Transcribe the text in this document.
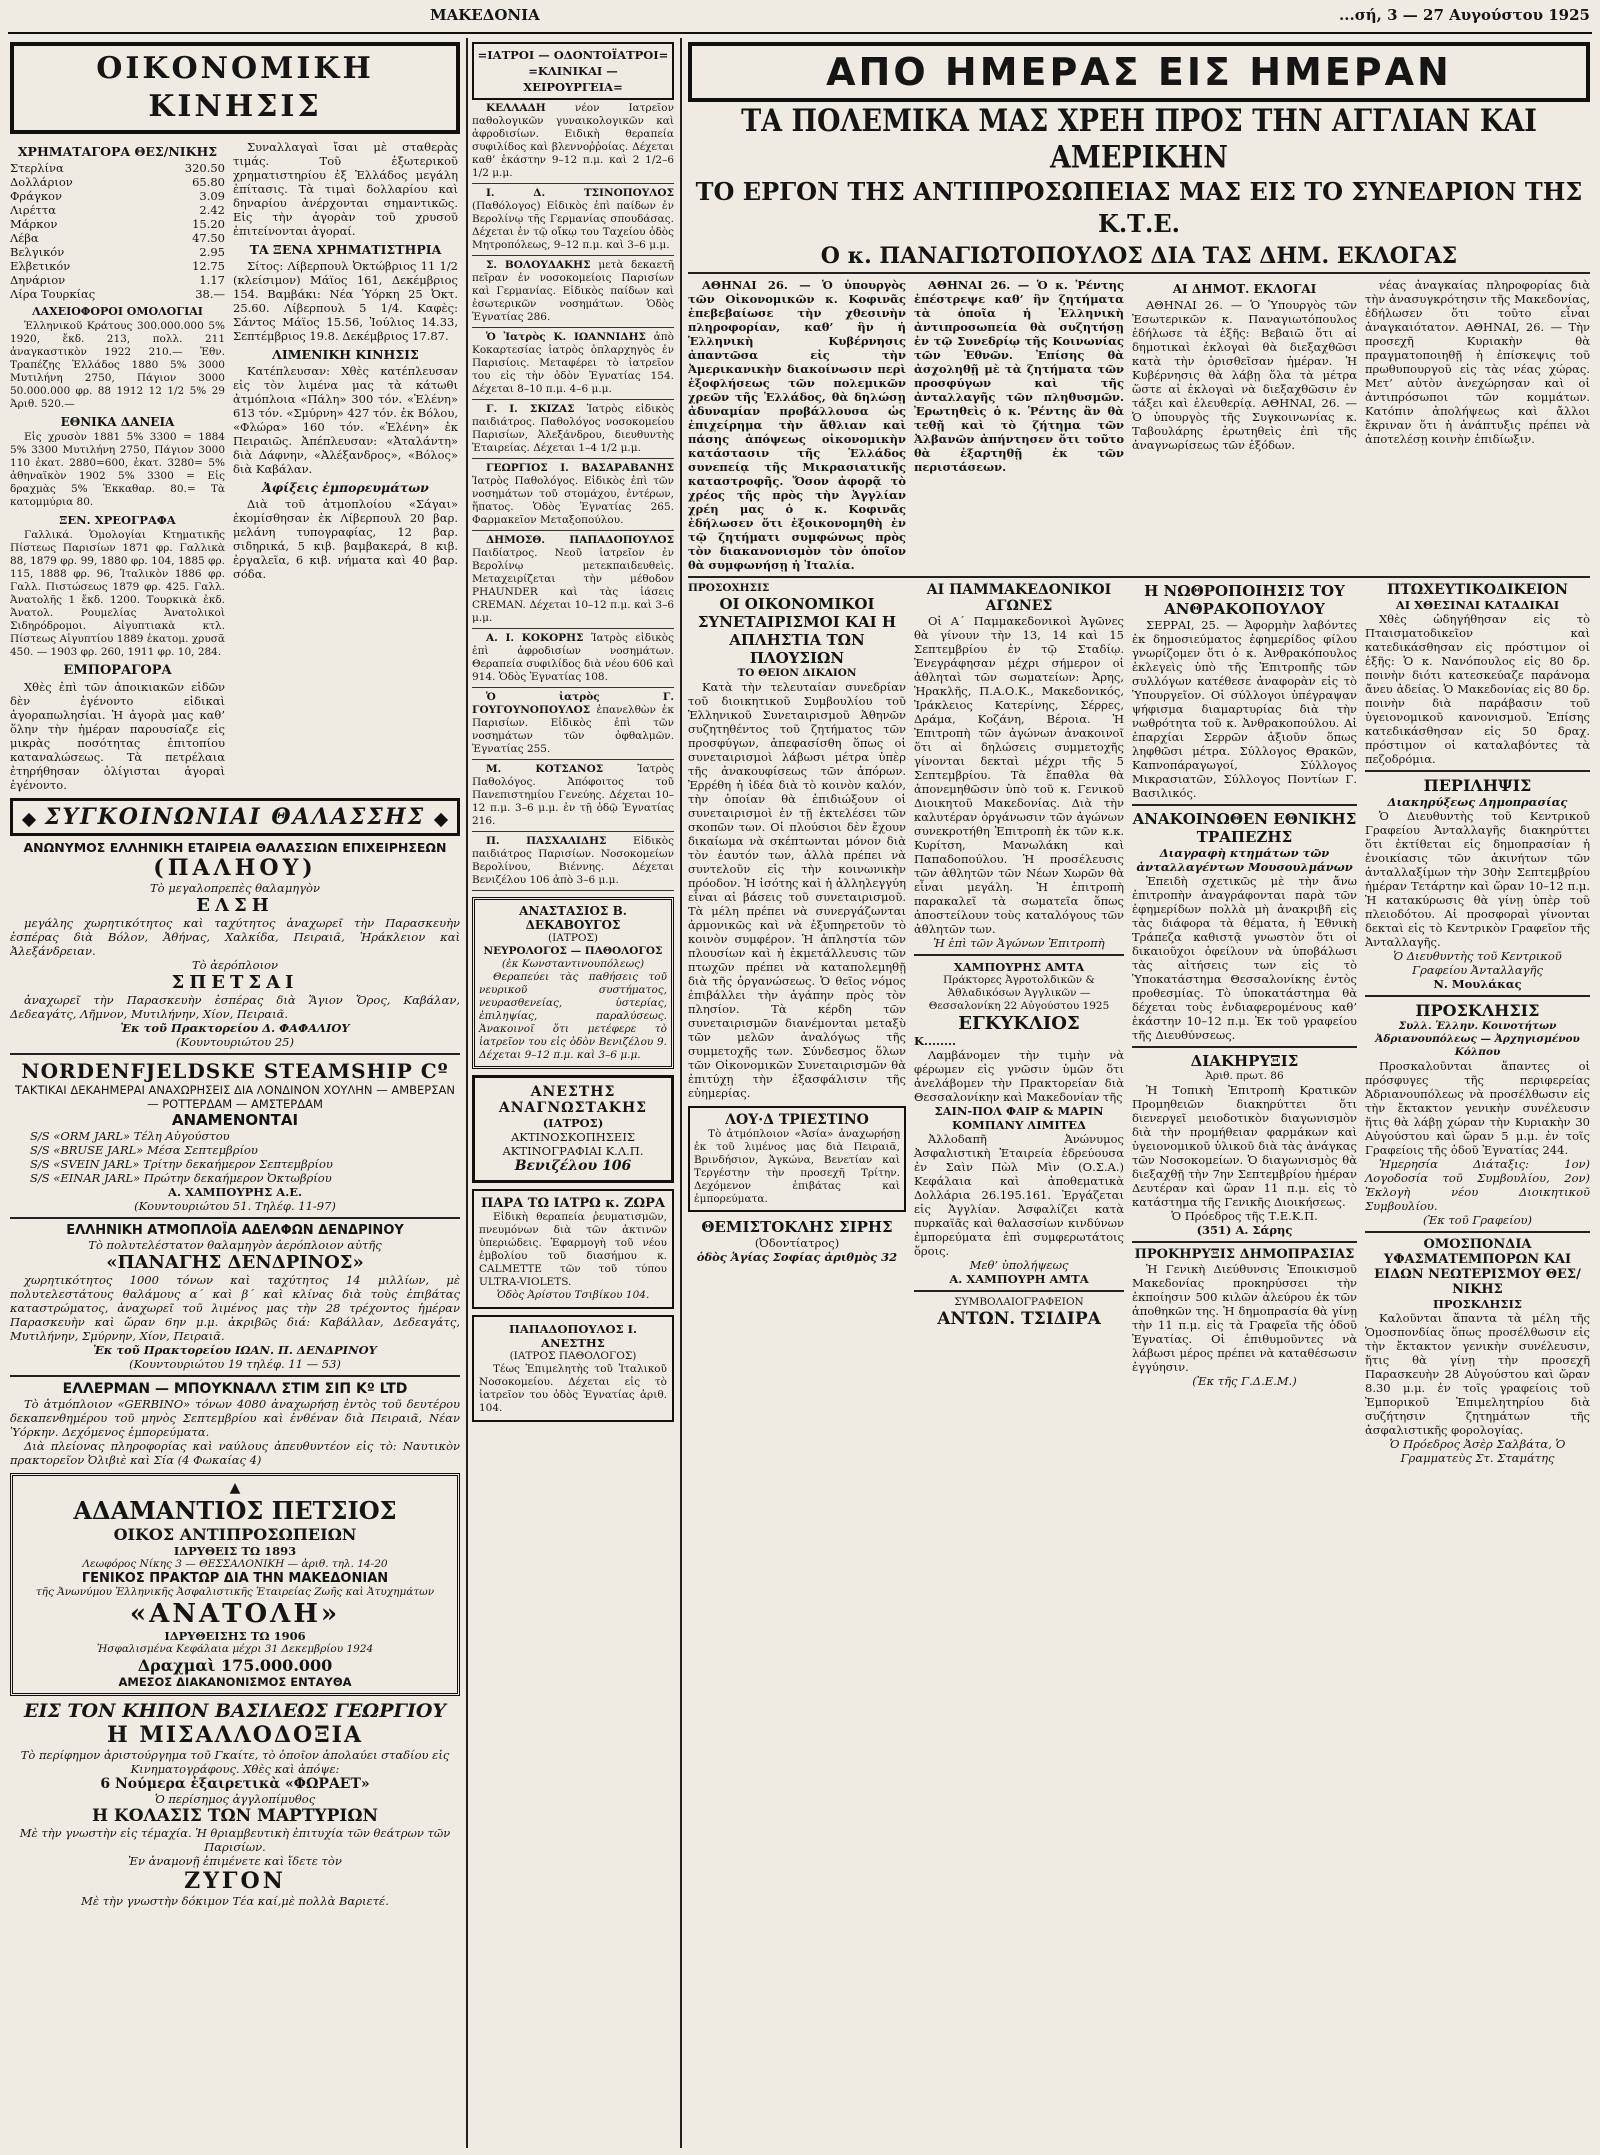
ΜΑΚΕΔΟΝΙΑ	...σή, 3 — 27 Αυγούστου 1925
ΟΙΚΟΝΟΜΙΚΗ ΚΙΝΗΣΙΣ
ΧΡΗΜΑΤΑΓΟΡΑ ΘΕΣ/ΝΙΚΗΣ
Στερλίνα	320.50
Δολλάριον	65.80
Φράγκον	3.09
Λιρέττα	2.42
Μάρκον	15.20
Λέβα	47.50
Βελγικόν	2.95
Ελβετικόν	12.75
Δηνάριον	1.17
Λίρα Τουρκίας	38.—
ΛΑΧΕΙΟΦΟΡΟΙ ΟΜΟΛΟΓΙΑΙ
Ἐλληνικοῦ Κράτους 300.000.000 5% 1920, ἔκδ. 213, πολλ. 211 ἀναγκαστικὸν 1922 210.— Ἐθν. Τραπέζης Ἑλλάδος 1880 5% 3000 Μυτιλήνη 2750, Πάγιον 3000 50.000.000 φρ. 88 1912 12 1/2 5% 29 Ἀριθ. 520.—
ΕΘΝΙΚΑ ΔΑΝΕΙΑ
Εἰς χρυσὸν 1881 5% 3300 = 1884 5% 3300 Μυτιλήνη 2750, Πάγιον 3000 110 ἐκατ. 2880=600, ἐκατ. 3280= 5% ἀθηναϊκὸν 1902 5% 3300 = Εἰς δραχμὰς 5% Ἐκκαθαρ. 80.= Τὰ κατομμύρια 80.
ΞΕΝ. ΧΡΕΟΓΡΑΦΑ
Γαλλικά. Ὁμολογίαι Κτηματικῆς Πίστεως Παρισίων 1871 φρ. Γαλλικὰ 88, 1879 φρ. 99, 1880 φρ. 104, 1885 φρ. 115, 1888 φρ. 96, Ἰταλικὸν 1886 φρ. Γαλλ. Πιστώσεως 1879 φρ. 425. Γαλλ. Ἀνατολῆς 1 ἔκδ. 1200. Τουρκικὰ ἐκδ. Ἀνατολ. Ρουμελίας Ἀνατολικοὶ Σιδηρόδρομοι. Αἰγυπτιακὰ κτλ. Πίστεως Αἰγυπτίου 1889 ἐκατομ. χρυσᾶ 450. — 1903 φρ. 260, 1911 φρ. 10, 284.
ΕΜΠΟΡΑΓΟΡΑ
Χθὲς ἐπὶ τῶν ἀποικιακῶν εἰδῶν δὲν ἐγένοντο εἰδικαὶ ἀγοραπωλησίαι. Ἡ ἀγορὰ μας καθ’ ὅλην τὴν ἡμέραν παρουσίαζε εἰς μικρὰς ποσότητας ἐπιτοπίου καταναλώσεως. Τὰ πετρέλαια ἐτηρήθησαν ὀλίγισται ἀγοραὶ ἐγένοντο.
Συναλλαγαὶ ἴσαι μὲ σταθερὰς τιμάς. Τοῦ ἐξωτερικοῦ χρηματιστηρίου ἐξ Ἑλλάδος μεγάλη ἐπίτασις. Τὰ τιμαὶ δολλαρίου καὶ δηναρίου ἀνέρχονται σημαντικῶς. Εἰς τὴν ἀγορὰν τοῦ χρυσοῦ ἐπιτείνονται ἀγοραί.
ΤΑ ΞΕΝΑ ΧΡΗΜΑΤΙΣΤΗΡΙΑ
Σίτος: Λίβερπουλ Ὀκτώβριος 11 1/2 (κλείσιμον) Μάϊος 161, Δεκέμβριος 154. Βαμβάκι: Νέα Ὑόρκη 25 Ὀκτ. 25.60. Λίβερπουλ 5 1/4. Καφὲς: Σάντος Μάϊος 15.56, Ἰούλιος 14.33, Σεπτέμβριος 19.8. Δεκέμβριος 17.87.
ΛΙΜΕΝΙΚΗ ΚΙΝΗΣΙΣ
Κατέπλευσαν: Χθὲς κατέπλευσαν εἰς τὸν λιμένα μας τὰ κάτωθι ἀτμόπλοια «Πάλη» 300 τόν. «Ἐλένη» 613 τόν. «Σμύρνη» 427 τόν. ἐκ Βόλου, «Φλώρα» 160 τόν. «Ἑλένη» ἐκ Πειραιῶς. Ἀπέπλευσαν: «Ἀταλάντη» διὰ Δάφνην, «Ἀλέξανδρος», «Βόλος» διὰ Καβάλαν.
Ἀφίξεις ἐμπορευμάτων
Διὰ τοῦ ἀτμοπλοίου «Σάγαι» ἐκομίσθησαν ἐκ Λίβερπουλ 20 βαρ. μελάνη τυπογραφίας, 12 βαρ. σιδηρικά, 5 κιβ. βαμβακερά, 8 κιβ. ἐργαλεῖα, 6 κιβ. νήματα καὶ 40 βαρ. σόδα.
ΣΥΓΚΟΙΝΩΝΙΑΙ ΘΑΛΑΣΣΗΣ
ΑΝΩΝΥΜΟΣ ΕΛΛΗΝΙΚΗ ΕΤΑΙΡΕΙΑ ΘΑΛΑΣΣΙΩΝ ΕΠΙΧΕΙΡΗΣΕΩΝ
(ΠΑΛΗΟΥ)
Τὸ μεγαλοπρεπὲς θαλαμηγὸν
ΕΛΣΗ
μεγάλης χωρητικότητος καὶ ταχύτητος ἀναχωρεῖ τὴν Παρασκευὴν ἑσπέρας διὰ Βόλον, Ἀθήνας, Χαλκίδα, Πειραιᾶ, Ἡράκλειον καὶ Ἀλεξάνδρειαν.
Τὸ ἀερόπλοιον
ΣΠΕΤΣΑΙ
ἀναχωρεῖ τὴν Παρασκευὴν ἑσπέρας διὰ Ἅγιον Ὄρος, Καβάλαν, Δεδεαγάτς, Λῆμνον, Μυτιλήνην, Χίον, Πειραιᾶ.
Ἐκ τοῦ Πρακτορείου Δ. ΦΑΦΑΛΙΟΥ
(Κουντουριώτου 25)
NORDENFJELDSKE STEAMSHIP Cº
ΤΑΚΤΙΚΑΙ ΔΕΚΑΗΜΕΡΑΙ ΑΝΑΧΩΡΗΣΕΙΣ ΔΙΑ ΛΟΝΔΙΝΟΝ ΧΟΥΛΗΝ — ΑΜΒΕΡΣΑΝ — ΡΟΤΤΕΡΔΑΜ — ΑΜΣΤΕΡΔΑΜ
ΑΝΑΜΕΝΟΝΤΑΙ
S/S «ORM JARL» Τέλη Αὐγούστου
S/S «BRUSE JARL» Μέσα Σεπτεμβρίου
S/S «SVEIN JARL» Τρίτην δεκαήμερον Σεπτεμβρίου
S/S «EINAR JARL» Πρώτην δεκαήμερον Ὀκτωβρίου
Α. ΧΑΜΠΟΥΡΗΣ Α.Ε.
(Κουντουριώτου 51. Τηλέφ. 11-97)
ΕΛΛΗΝΙΚΗ ΑΤΜΟΠΛΟΪΑ ΑΔΕΛΦΩΝ ΔΕΝΔΡΙΝΟΥ
Τὸ πολυτελέστατον θαλαμηγὸν ἀερόπλοιον αὐτῆς
«ΠΑΝΑΓΗΣ ΔΕΝΔΡΙΝΟΣ»
χωρητικότητος 1000 τόνων καὶ ταχύτητος 14 μιλλίων, μὲ πολυτελεστάτους θαλάμους α΄ καὶ β΄ καὶ κλίνας διὰ τοὺς ἐπιβάτας καταστρώματος, ἀναχωρεῖ τοῦ λιμένος μας τὴν 28 τρέχοντος ἡμέραν Παρασκευὴν καὶ ὥραν 6ην μ.μ. ἀκριβῶς διά: Καβάλλαν, Δεδεαγάτς, Μυτιλήνην, Σμύρνην, Χίον, Πειραιᾶ.
Ἐκ τοῦ Πρακτορείου ΙΩΑΝ. Π. ΔΕΝΔΡΙΝΟΥ
(Κουντουριώτου 19 τηλέφ. 11 — 53)
ΕΛΛΕΡΜΑΝ — ΜΠΟΥΚΝΑΛΛ ΣΤΙΜ ΣΙΠ Κº LTD
Τὸ ἀτμόπλοιον «GERBINO» τόνων 4080 ἀναχωρήσῃ ἐντὸς τοῦ δευτέρου δεκαπενθημέρου τοῦ μηνὸς Σεπτεμβρίου καὶ ἐνθέναν διὰ Πειραιᾶ, Νέαν Ὑόρκην. Δεχόμενος ἐμπορεύματα.
Διὰ πλείονας πληροφορίας καὶ ναύλους ἀπευθυντέον εἰς τὸ: Ναυτικὸν πρακτορεῖον Ὀλιβιὲ καὶ Σία (4 Φωκαίας 4)
▲
ΑΔΑΜΑΝΤΙΟΣ ΠΕΤΣΙΟΣ
ΟΙΚΟΣ ΑΝΤΙΠΡΟΣΩΠΕΙΩΝ
ΙΔΡΥΘΕΙΣ ΤΩ 1893
Λεωφόρος Νίκης 3 — ΘΕΣΣΑΛΟΝΙΚΗ — ἀριθ. τηλ. 14-20
ΓΕΝΙΚΟΣ ΠΡΑΚΤΩΡ ΔΙΑ ΤΗΝ ΜΑΚΕΔΟΝΙΑΝ
τῆς Ἀνωνύμου Ἑλληνικῆς Ἀσφαλιστικῆς Ἑταιρείας Ζωῆς καὶ Ἀτυχημάτων
«ΑΝΑΤΟΛΗ»
ΙΔΡΥΘΕΙΣΗΣ ΤΩ 1906
Ἠσφαλισμένα Κεφάλαια μέχρι 31 Δεκεμβρίου 1924
Δραχμαὶ 175.000.000
ΑΜΕΣΟΣ ΔΙΑΚΑΝΟΝΙΣΜΟΣ ΕΝΤΑΥΘΑ
ΕΙΣ ΤΟΝ ΚΗΠΟΝ ΒΑΣΙΛΕΩΣ ΓΕΩΡΓΙΟΥ
Η ΜΙΣΑΛΛΟΔΟΞΙΑ
Τὸ περίφημον ἀριστούργημα τοῦ Γκαίτε, τὸ ὁποῖον ἀπολαύει σταδίου εἰς Κινηματογράφους. Χθὲς καὶ ἀπόψε:
6 Νούμερα ἐξαιρετικὰ «ΦΩΡΑΕΤ»
Ὁ περίσημος ἀγγλοπίμυθος
Η ΚΟΛΑΣΙΣ ΤΩΝ ΜΑΡΤΥΡΙΩΝ
Μὲ τὴν γνωστὴν εἰς τέμαχία. Ἡ θριαμβευτικὴ ἐπιτυχία τῶν θεάτρων τῶν Παρισίων.
Ἐν ἀναμονῇ ἐπιμένετε καὶ ἴδετε τὸν
ΖΥΓΟΝ
Μὲ τὴν γνωστὴν δόκιμον Τέα καί,μὲ πολλὰ Βαριετέ.
=ΙΑΤΡΟΙ — ΟΔΟΝΤΟΪΑΤΡΟΙ= =ΚΛΙΝΙΚΑΙ — ΧΕΙΡΟΥΡΓΕΙΑ=
ΚΕΛΛΑΔΗ νέον Ιατρεῖον παθολογικῶν γυναικολογικῶν καὶ ἀφροδισίων. Ειδικὴ θεραπεία συφιλίδος καὶ βλεννοῤῥοίας. Δέχεται καθ’ ἑκάστην 9–12 π.μ. καὶ 2 1/2–6 1/2 μ.μ.
Ι. Δ. ΤΣΙΝΟΠΟΥΛΟΣ (Παθόλογος) Εἰδικὸς ἐπὶ παίδων ἐν Βερολίνῳ τῆς Γερμανίας σπουδάσας. Δέχεται ἐν τῷ οἴκῳ του Ταχείου ὁδὸς Μητροπόλεως, 9–12 π.μ. καὶ 3–6 μ.μ.
Σ. ΒΟΛΟΥΔΑΚΗΣ μετὰ δεκαετῆ πεῖραν ἐν νοσοκομείοις Παρισίων καὶ Γερμανίας. Εἰδικὸς παίδων καὶ ἐσωτερικῶν νοσημάτων. Ὁδὸς Ἐγνατίας 286.
Ὁ Ἰατρὸς Κ. ΙΩΑΝΝΙΔΗΣ ἀπὸ Κοκαρτεσίας ἰατρὸς ὁπλαρχηγὸς ἐν Παρισίοις. Μεταφέρει τὸ ἰατρεῖον του εἰς τὴν ὁδὸν Ἐγνατίας 154. Δέχεται 8–10 π.μ. 4–6 μ.μ.
Γ. Ι. ΣΚΙΖΑΣ Ἰατρὸς εἰδικὸς παιδιάτρος. Παθολόγος νοσοκομείου Παρισίων, Ἀλεξάνδρου, διευθυντὴς Ἑταιρείας. Δέχεται 1–4 1/2 μ.μ.
ΓΕΩΡΓΙΟΣ Ι. ΒΑΣΑΡΑΒΑΝΗΣ Ἰατρὸς Παθολόγος. Εἰδικὸς ἐπὶ τῶν νοσημάτων τοῦ στομάχου, ἐντέρων, ἥπατος. Ὁδὸς Ἐγνατίας 265. Φαρμακεῖον Μεταξοπούλου.
ΔΗΜΟΣΘ. ΠΑΠΑΔΟΠΟΥΛΟΣ Παιδίατρος. Νεοῦ ἰατρεῖον ἐν Βερολίνῳ μετεκπαιδευθεὶς. Μεταχειρίζεται τὴν μέθοδον PHAUNDER καὶ τὰς ἰάσεις CREMAN. Δέχεται 10–12 π.μ. καὶ 3–6 μ.μ.
Α. Ι. ΚΟΚΟΡΗΣ Ἰατρὸς εἰδικὸς ἐπὶ ἀφροδισίων νοσημάτων. Θεραπεία συφιλίδος διὰ νέου 606 καὶ 914. Ὁδὸς Ἐγνατίας 108.
Ὁ ἰατρὸς Γ. ΓΟΥΓΟΥΝΟΠΟΥΛΟΣ ἐπανελθὼν ἐκ Παρισίων. Εἰδικὸς ἐπὶ τῶν νοσημάτων τῶν ὀφθαλμῶν. Ἐγνατίας 255.
Μ. ΚΟΤΣΑΝΟΣ Ἰατρὸς Παθολόγος. Ἀπόφοιτος τοῦ Πανεπιστημίου Γενεύης. Δέχεται 10–12 π.μ. 3–6 μ.μ. ἐν τῇ ὁδῷ Ἐγνατίας 216.
Π. ΠΑΣΧΑΛΙΔΗΣ Εἰδικὸς παιδιάτρος Παρισίων. Νοσοκομείων Βερολίνου, Βιέννης. Δέχεται Βενιζέλου 106 ἀπὸ 3–6 μ.μ.
ΑΝΑΣΤΑΣΙΟΣ Β. ΔΕΚΑΒΟΥΓΟΣ
(ΙΑΤΡΟΣ)
ΝΕΥΡΟΛΟΓΟΣ — ΠΑΘΟΛΟΓΟΣ
(ἐκ Κωνσταντινουπόλεως)
Θεραπεύει τὰς παθήσεις τοῦ νευρικοῦ συστήματος, νευρασθενείας, ὑστερίας, ἐπιληψίας, παραλύσεως. Ἀνακοινοῖ ὅτι μετέφερε τὸ ἰατρεῖον του εἰς ὁδὸν Βενιζέλου 9. Δέχεται 9–12 π.μ. καὶ 3–6 μ.μ.
ΑΝΕΣΤΗΣ ΑΝΑΓΝΩΣΤΑΚΗΣ
(ΙΑΤΡΟΣ)
ΑΚΤΙΝΟΣΚΟΠΗΣΕΙΣ
ΑΚΤΙΝΟΓΡΑΦΙΑΙ Κ.Λ.Π.
Βενιζέλου 106
ΠΑΡΑ ΤΩ ΙΑΤΡΩ κ. ΖΩΡΑ
Εἰδικὴ θεραπεία ῥευματισμῶν, πνευμόνων διὰ τῶν ἀκτινῶν ὑπεριώδεις. Ἐφαρμογὴ τοῦ νέου ἐμβολίου τοῦ διασήμου κ. CALMETTE τῶν τοῦ τύπου ULTRA-VIOLETS.
Ὁδὸς Ἀρίστου Τσιβίκου 104.
ΠΑΠΑΔΟΠΟΥΛΟΣ Ι. ΑΝΕΣΤΗΣ
(ΙΑΤΡΟΣ ΠΑΘΟΛΟΓΟΣ)
Τέως Ἐπιμελητὴς τοῦ Ἰταλικοῦ Νοσοκομείου. Δέχεται εἰς τὸ ἰατρεῖον του ὁδὸς Ἐγνατίας ἀριθ. 104.
ΑΠΟ ΗΜΕΡΑΣ ΕΙΣ ΗΜΕΡΑΝ
ΤΑ ΠΟΛΕΜΙΚΑ ΜΑΣ ΧΡΕΗ ΠΡΟΣ ΤΗΝ ΑΓΓΛΙΑΝ ΚΑΙ ΑΜΕΡΙΚΗΝ
ΤΟ ΕΡΓΟΝ ΤΗΣ ΑΝΤΙΠΡΟΣΩΠΕΙΑΣ ΜΑΣ ΕΙΣ ΤΟ ΣΥΝΕΔΡΙΟΝ ΤΗΣ Κ.Τ.Ε.
Ο κ. ΠΑΝΑΓΙΩΤΟΠΟΥΛΟΣ ΔΙΑ ΤΑΣ ΔΗΜ. ΕΚΛΟΓΑΣ
ΑΘΗΝΑΙ 26. — Ὁ ὑπουργὸς τῶν Οἰκονομικῶν κ. Κοφινᾶς ἐπεβεβαίωσε τὴν χθεσινὴν πληροφορίαν, καθ’ ἣν ἡ Ἑλληνικὴ Κυβέρνησις ἀπαντῶσα εἰς τὴν Ἀμερικανικὴν διακοίνωσιν περὶ ἐξοφλήσεως τῶν πολεμικῶν χρεῶν τῆς Ἑλλάδος, θὰ δηλώσῃ ἀδυναμίαν προβάλλουσα ὡς ἐπιχείρημα τὴν ἄθλιαν καὶ πάσης ἀπόψεως οἰκονομικὴν κατάστασιν τῆς Ἑλλάδος συνεπείᾳ τῆς Μικρασιατικῆς καταστροφῆς. Ὅσον ἀφορᾷ τὸ χρέος τῆς πρὸς τὴν Ἀγγλίαν χρέη μας ὁ κ. Κοφινᾶς ἐδήλωσεν ὅτι ἐξοικονομηθὴ ἐν τῷ ζητήματι συμφώνως πρὸς τὸν διακανονισμὸν τὸν ὁποῖον θὰ συμφωνήσῃ ἡ Ἰταλία.
ΑΘΗΝΑΙ 26. — Ὁ κ. Ῥέντης ἐπέστρεψε καθ’ ἣν ζητήματα τὰ ὁποῖα ἡ Ἑλληνικὴ ἀντιπροσωπεία θὰ συζητήσῃ ἐν τῷ Συνεδρίῳ τῆς Κοινωνίας τῶν Ἐθνῶν. Ἐπίσης θὰ ἀσχοληθῇ μὲ τὰ ζητήματα τῶν προσφύγων καὶ τῆς ἀνταλλαγῆς τῶν πληθυσμῶν. Ἐρωτηθεὶς ὁ κ. Ῥέντης ἂν θὰ τεθῇ καὶ τὸ ζήτημα τῶν Ἀλβανῶν ἀπήντησεν ὅτι τοῦτο θὰ ἐξαρτηθῇ ἐκ τῶν περιστάσεων.
ΑΙ ΔΗΜΟΤ. ΕΚΛΟΓΑΙ
ΑΘΗΝΑΙ 26. — Ὁ Ὑπουργὸς τῶν Ἐσωτερικῶν κ. Παναγιωτόπουλος ἐδήλωσε τὰ ἑξῆς: Βεβαιῶ ὅτι αἱ δημοτικαὶ ἐκλογαὶ θὰ διεξαχθῶσι κατὰ τὴν ὁρισθεῖσαν ἡμέραν. Ἡ Κυβέρνησις θὰ λάβῃ ὅλα τὰ μέτρα ὥστε αἱ ἐκλογαὶ νὰ διεξαχθῶσιν ἐν τάξει καὶ ἐλευθερίᾳ. ΑΘΗΝΑΙ, 26. — Ὁ ὑπουργὸς τῆς Συγκοινωνίας κ. Ταβουλάρης ἐρωτηθεὶς ἐπὶ τῆς ἀναγνωρίσεως τῶν ἐξόδων.
νέας ἀναγκαίας πληροφορίας διὰ τὴν ἀνασυγκρότησιν τῆς Μακεδονίας, ἐδήλωσεν ὅτι τοῦτο εἶναι ἀναγκαιότατον. ΑΘΗΝΑΙ, 26. — Τὴν προσεχῆ Κυριακὴν θὰ πραγματοποιηθῇ ἡ ἐπίσκεψις τοῦ πρωθυπουργοῦ εἰς τὰς νέας χώρας. Μετ’ αὐτὸν ἀνεχώρησαν καὶ οἱ ἀντιπρόσωποι τῶν κομμάτων. Κατόπιν ἀπολήψεως καὶ ἄλλοι ἔκριναν ὅτι ἡ ἀνάπτυξις πρέπει νὰ ἀποτελέσῃ κοινὴν ἐπιδίωξιν.
ΠΡΟΣΟΧΗΣΙΣ
ΟΙ ΟΙΚΟΝΟΜΙΚΟΙ ΣΥΝΕΤΑΙΡΙΣΜΟΙ ΚΑΙ Η ΑΠΛΗΣΤΙΑ ΤΩΝ ΠΛΟΥΣΙΩΝ
ΤΟ ΘΕΙΟΝ ΔΙΚΑΙΟΝ
Κατὰ τὴν τελευταίαν συνεδρίαν τοῦ διοικητικοῦ Συμβουλίου τοῦ Ἑλληνικοῦ Συνεταιρισμοῦ Ἀθηνῶν συζητηθέντος τοῦ ζητήματος τῶν προσφύγων, ἀπεφασίσθη ὅπως οἱ συνεταιρισμοὶ λάβωσι μέτρα ὑπὲρ τῆς ἀνακουφίσεως τῶν ἀπόρων. Ἐρρέθη ἡ ἰδέα διὰ τὸ κοινὸν καλόν, τὴν ὁποίαν θὰ ἐπιδιώξουν οἱ συνεταιρισμοὶ ἐν τῇ ἐκτελέσει τῶν σκοπῶν των. Οἱ πλούσιοι δὲν ἔχουν δικαίωμα νὰ σκέπτωνται μόνον διὰ τὸν ἑαυτόν των, ἀλλὰ πρέπει νὰ συντελοῦν εἰς τὴν κοινωνικὴν πρόοδον. Ἡ ἰσότης καὶ ἡ ἀλληλεγγύη εἶναι αἱ βάσεις τοῦ συνεταιρισμοῦ. Τὰ μέλη πρέπει νὰ συνεργάζωνται ἀρμονικῶς καὶ νὰ ἐξυπηρετοῦν τὸ κοινὸν συμφέρον. Ἡ ἀπληστία τῶν πλουσίων καὶ ἡ ἐκμετάλλευσις τῶν πτωχῶν πρέπει νὰ καταπολεμηθῇ διὰ τῆς ὀργανώσεως. Ὁ θεῖος νόμος ἐπιβάλλει τὴν ἀγάπην πρὸς τὸν πλησίον. Τὰ κέρδη τῶν συνεταιρισμῶν διανέμονται μεταξὺ τῶν μελῶν ἀναλόγως τῆς συμμετοχῆς των. Σύνδεσμος ὅλων τῶν Οἰκονομικῶν Συνεταιρισμῶν θὰ ἐπιτύχῃ τὴν ἐξασφάλισιν τῆς εὐημερίας.
ΛΟΥ·Δ ΤΡΙΕΣΤΙΝΟ
Τὸ ἀτμόπλοιον «Ἀσία» ἀναχωρήσῃ ἐκ τοῦ λιμένος μας διὰ Πειραιᾶ, Βρινδήσιον, Ἀγκώνα, Βενετίαν καὶ Τεργέστην τὴν προσεχῆ Τρίτην. Δεχόμενον ἐπιβάτας καὶ ἐμπορεύματα.
ΘΕΜΙΣΤΟΚΛΗΣ ΣΙΡΗΣ
(Ὀδοντίατρος)
ὁδὸς Ἁγίας Σοφίας ἀριθμὸς 32
ΑΙ ΠΑΜΜΑΚΕΔΟΝΙΚΟΙ ΑΓΩΝΕΣ
Οἱ Α΄ Παμμακεδονικοὶ Ἀγῶνες θὰ γίνουν τὴν 13, 14 καὶ 15 Σεπτεμβρίου ἐν τῷ Σταδίῳ. Ἐνεγράφησαν μέχρι σήμερον οἱ ἀθληταὶ τῶν σωματείων: Ἀρης, Ἡρακλῆς, Π.Α.Ο.Κ., Μακεδονικός, Ἰράκλειος Κατερίνης, Σέρρες, Δράμα, Κοζάνη, Βέροια. Ἡ Ἐπιτροπὴ τῶν ἀγώνων ἀνακοινοῖ ὅτι αἱ δηλώσεις συμμετοχῆς γίνονται δεκταὶ μέχρι τῆς 5 Σεπτεμβρίου. Τὰ ἔπαθλα θὰ ἀπονεμηθῶσιν ὑπὸ τοῦ κ. Γενικοῦ Διοικητοῦ Μακεδονίας. Διὰ τὴν καλυτέραν ὀργάνωσιν τῶν ἀγώνων συνεκροτήθη Ἐπιτροπὴ ἐκ τῶν κ.κ. Κυρίτση, Μανωλάκη καὶ Παπαδοπούλου. Ἡ προσέλευσις τῶν ἀθλητῶν τῶν Νέων Χωρῶν θὰ εἶναι μεγάλη. Ἡ ἐπιτροπὴ παρακαλεῖ τὰ σωματεῖα ὅπως ἀποστείλουν τοὺς καταλόγους τῶν ἀθλητῶν των.
Ἡ ἐπὶ τῶν Ἀγώνων Ἐπιτροπὴ
ΧΑΜΠΟΥΡΗΣ ΑΜΤΑ
Πράκτορες Ἀγροτολδικῶν & Ἀθλαδικόσων Ἀγγλικῶν — Θεσσαλονίκη 22 Αὐγούστου 1925
ΕΓΚΥΚΛΙΟΣ
Κ........
Λαμβάνομεν τὴν τιμὴν νὰ φέρωμεν εἰς γνῶσιν ὑμῶν ὅτι ἀνελάβομεν τὴν Πρακτορείαν διὰ Θεσσαλονίκην καὶ Μακεδονίαν τῆς
ΣΑΙΝ-ΠΟΛ ΦΑΙΡ & ΜΑΡΙΝ ΚΟΜΠΑΝΥ ΛΙΜΙΤΕΔ
Ἀλλοδαπῆ Ἀνώνυμος Ἀσφαλιστικὴ Ἑταιρεία ἑδρεύουσα ἐν Σαὶν Πὼλ Μὶν (Ο.Σ.Α.) Κεφάλαια καὶ ἀποθεματικὰ Δολλάρια 26.195.161. Ἐργάζεται εἰς Ἀγγλίαν. Ἀσφαλίζει κατὰ πυρκαϊᾶς καὶ θαλασσίων κινδύνων ἐμπορεύματα ἐπὶ συμφερωτάτοις ὅροις.
Μεθ’ ὑπολήψεως
Α. ΧΑΜΠΟΥΡΗ ΑΜΤΑ
ΣΥΜΒΟΛΑΙΟΓΡΑΦΕΙΟΝ
ΑΝΤΩΝ. ΤΣΙΔΙΡΑ
Η ΝΩΘΡΟΠΟΙΗΣΙΣ ΤΟΥ ΑΝΘΡΑΚΟΠΟΥΛΟΥ
ΣΕΡΡΑΙ, 25. — Ἀφορμὴν λαβόντες ἐκ δημοσιεύματος ἐφημερίδος φίλου γνωρίζομεν ὅτι ὁ κ. Ἀνθρακόπουλος ἐκλεγεὶς ὑπὸ τῆς Ἐπιτροπῆς τῶν συλλόγων κατέθεσε ἀναφορὰν εἰς τὸ Ὑπουργεῖον. Οἱ σύλλογοι ὑπέγραψαν ψήφισμα διαμαρτυρίας διὰ τὴν νωθρότητα τοῦ κ. Ἀνθρακοπούλου. Αἱ ἐπαρχίαι Σερρῶν ἀξιοῦν ὅπως ληφθῶσι μέτρα. Σύλλογος Θρακῶν, Καπνοπάραγωγοί, Σύλλογος Μικρασιατῶν, Σύλλογος Ποντίων Γ. Βασιλικός.
ΑΝΑΚΟΙΝΩΘΕΝ ΕΘΝΙΚΗΣ ΤΡΑΠΕΖΗΣ
Διαγραφὴ κτημάτων τῶν ἀνταλλαγέντων Μουσουλμάνων
Ἐπειδὴ σχετικῶς μὲ τὴν ἄνω ἐπιτροπὴν ἀναγράφονται παρὰ τῶν ἐφημερίδων πολλὰ μὴ ἀνακριβῆ εἰς τὰς διάφορα τὰ θέματα, ἡ Ἐθνικὴ Τράπεζα καθιστᾷ γνωστὸν ὅτι οἱ δικαιοῦχοι ὀφείλουν νὰ ὑποβάλωσι τὰς αἰτήσεις των εἰς τὸ Ὑποκατάστημα Θεσσαλονίκης ἐντὸς προθεσμίας. Τὸ ὑποκατάστημα θὰ δέχεται τοὺς ἐνδιαφερομένους καθ’ ἑκάστην 10–12 π.μ. Ἐκ τοῦ γραφείου τῆς Διευθύνσεως.
ΔΙΑΚΗΡΥΞΙΣ
Ἀριθ. πρωτ. 86
Ἡ Τοπικὴ Ἐπιτροπὴ Κρατικῶν Προμηθειῶν διακηρύττει ὅτι διενεργεῖ μειοδοτικὸν διαγωνισμὸν διὰ τὴν προμήθειαν φαρμάκων καὶ ὑγειονομικοῦ ὑλικοῦ διὰ τὰς ἀνάγκας τῶν Νοσοκομείων. Ὁ διαγωνισμὸς θὰ διεξαχθῇ τὴν 7ην Σεπτεμβρίου ἡμέραν Δευτέραν καὶ ὥραν 11 π.μ. εἰς τὸ κατάστημα τῆς Γενικῆς Διοικήσεως.
Ὁ Πρόεδρος τῆς Τ.Ε.Κ.Π.
(351) Α. Σάρης
ΠΡΟΚΗΡΥΞΙΣ ΔΗΜΟΠΡΑΣΙΑΣ
Ἡ Γενικὴ Διεύθυνσις Ἐποικισμοῦ Μακεδονίας προκηρύσσει τὴν ἐκποίησιν 500 κιλῶν ἀλεύρου ἐκ τῶν ἀποθηκῶν της. Ἡ δημοπρασία θὰ γίνῃ τὴν 11 π.μ. εἰς τὰ Γραφεῖα τῆς ὁδοῦ Ἐγνατίας. Οἱ ἐπιθυμοῦντες νὰ λάβωσι μέρος πρέπει νὰ καταθέσωσιν ἐγγύησιν.
(Ἐκ τῆς Γ.Δ.Ε.Μ.)
ΠΤΩΧΕΥΤΙΚΟΔΙΚΕΙΟΝ
ΑΙ ΧΘΕΣΙΝΑΙ ΚΑΤΑΔΙΚΑΙ
Χθὲς ὡδηγήθησαν εἰς τὸ Πταισματοδικεῖον καὶ κατεδικάσθησαν εἰς πρόστιμον οἱ ἑξῆς: Ὁ κ. Νανόπουλος εἰς 80 δρ. ποινὴν διότι κατεσκεύαζε παράνομα ἄνευ ἀδείας. Ὁ Μακεδονίας εἰς 80 δρ. ποινὴν διὰ παράβασιν τοῦ ὑγειονομικοῦ κανονισμοῦ. Ἐπίσης κατεδικάσθησαν εἰς 50 δραχ. πρόστιμον οἱ καταλαβόντες τὰ πεζοδρόμια.
ΠΕΡΙΛΗΨΙΣ
Διακηρύξεως Δημοπρασίας
Ὁ Διευθυντὴς τοῦ Κεντρικοῦ Γραφείου Ἀνταλλαγῆς διακηρύττει ὅτι ἐκτίθεται εἰς δημοπρασίαν ἡ ἐνοικίασις τῶν ἀκινήτων τῶν ἀνταλλαξίμων τὴν 30ὴν Σεπτεμβρίου ἡμέραν Τετάρτην καὶ ὥραν 10–12 π.μ. Ἡ κατακύρωσις θὰ γίνῃ ὑπὲρ τοῦ πλειοδότου. Αἱ προσφοραὶ γίνονται δεκταὶ εἰς τὸ Κεντρικὸν Γραφεῖον τῆς Ἀνταλλαγῆς.
Ὁ Διευθυντὴς τοῦ Κεντρικοῦ Γραφείου Ἀνταλλαγῆς
Ν. Μουλάκας
ΠΡΟΣΚΛΗΣΙΣ
Συλλ. Ἑλλην. Κοινοτήτων Ἀδριανουπόλεως — Ἀρχηγισμένου Κόλπου
Προσκαλοῦνται ἅπαντες οἱ πρόσφυγες τῆς περιφερείας Ἀδριανουπόλεως νὰ προσέλθωσιν εἰς τὴν ἔκτακτον γενικὴν συνέλευσιν ἥτις θὰ λάβῃ χώραν τὴν Κυριακὴν 30 Αὐγούστου καὶ ὥραν 5 μ.μ. ἐν τοῖς Γραφείοις τῆς ὁδοῦ Ἐγνατίας 244.
Ἡμερησία Διάταξις: 1ον) Λογοδοσία τοῦ Συμβουλίου, 2ον) Ἐκλογὴ νέου Διοικητικοῦ Συμβουλίου.
(Ἐκ τοῦ Γραφείου)
ΟΜΟΣΠΟΝΔΙΑ ΥΦΑΣΜΑΤΕΜΠΟΡΩΝ ΚΑΙ ΕΙΔΩΝ ΝΕΩΤΕΡΙΣΜΟΥ ΘΕΣ/ΝΙΚΗΣ
ΠΡΟΣΚΛΗΣΙΣ
Καλοῦνται ἅπαντα τὰ μέλη τῆς Ὁμοσπονδίας ὅπως προσέλθωσιν εἰς τὴν ἔκτακτον γενικὴν συνέλευσιν, ἥτις θὰ γίνῃ τὴν προσεχῆ Παρασκευὴν 28 Αὐγούστου καὶ ὥραν 8.30 μ.μ. ἐν τοῖς γραφείοις τοῦ Ἐμπορικοῦ Ἐπιμελητηρίου διὰ συζήτησιν ζητημάτων τῆς ἀσφαλιστικῆς φορολογίας.
Ὁ Πρόεδρος Ἀσὲρ Σαλβάτα, Ὁ Γραμματεὺς Στ. Σταμάτης
